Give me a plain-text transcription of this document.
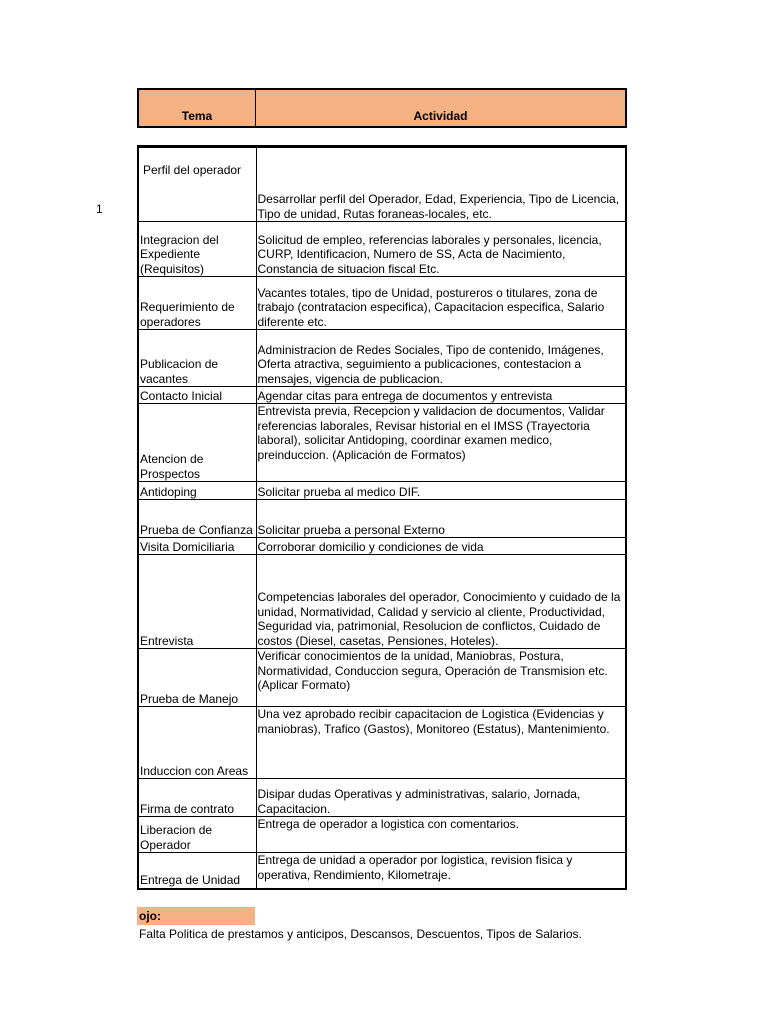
Tema	Actividad
1
Perfil del operador	Desarrollar perfil del Operador, Edad, Experiencia, Tipo de Licencia, Tipo de unidad, Rutas foraneas-locales, etc.
Integracion del Expediente (Requisitos)	Solicitud de empleo, referencias laborales y personales, licencia, CURP, Identificacion, Numero de SS, Acta de Nacimiento, Constancia de situacion fiscal Etc.
Requerimiento de operadores	Vacantes totales, tipo de Unidad, postureros o titulares, zona de trabajo (contratacion especifica), Capacitacion especifica, Salario diferente etc.
Publicacion de vacantes	Administracion de Redes Sociales, Tipo de contenido, Imágenes, Oferta atractiva, seguimiento a publicaciones, contestacion a mensajes, vigencia de publicacion.
Contacto Inicial	Agendar citas para entrega de documentos y entrevista
Atencion de Prospectos	Entrevista previa, Recepcion y validacion de documentos, Validar referencias laborales, Revisar historial en el IMSS (Trayectoria laboral), solicitar Antidoping, coordinar examen medico, preinduccion. (Aplicación de Formatos)
Antidoping	Solicitar prueba al medico DIF.
Prueba de Confianza	Solicitar prueba a personal Externo
Visita Domiciliaria	Corroborar domicilio y condiciones de vida
Entrevista	Competencias laborales del operador, Conocimiento y cuidado de la unidad, Normatividad, Calidad y servicio al cliente, Productividad, Seguridad via, patrimonial, Resolucion de conflictos, Cuidado de costos (Diesel, casetas, Pensiones, Hoteles).
Prueba de Manejo	Verificar conocimientos de la unidad, Maniobras, Postura, Normatividad, Conduccion segura, Operación de Transmision etc. (Aplicar Formato)
Induccion con Areas	Una vez aprobado recibir capacitacion de Logistica (Evidencias y maniobras), Trafico (Gastos), Monitoreo (Estatus), Mantenimiento.
Firma de contrato	Disipar dudas Operativas y administrativas, salario, Jornada, Capacitacion.
Liberacion de Operador	Entrega de operador a logistica con comentarios.
Entrega de Unidad	Entrega de unidad a operador por logistica, revision fisica y operativa, Rendimiento, Kilometraje.
ojo:
Falta Politica de prestamos y anticipos, Descansos, Descuentos, Tipos de Salarios.
